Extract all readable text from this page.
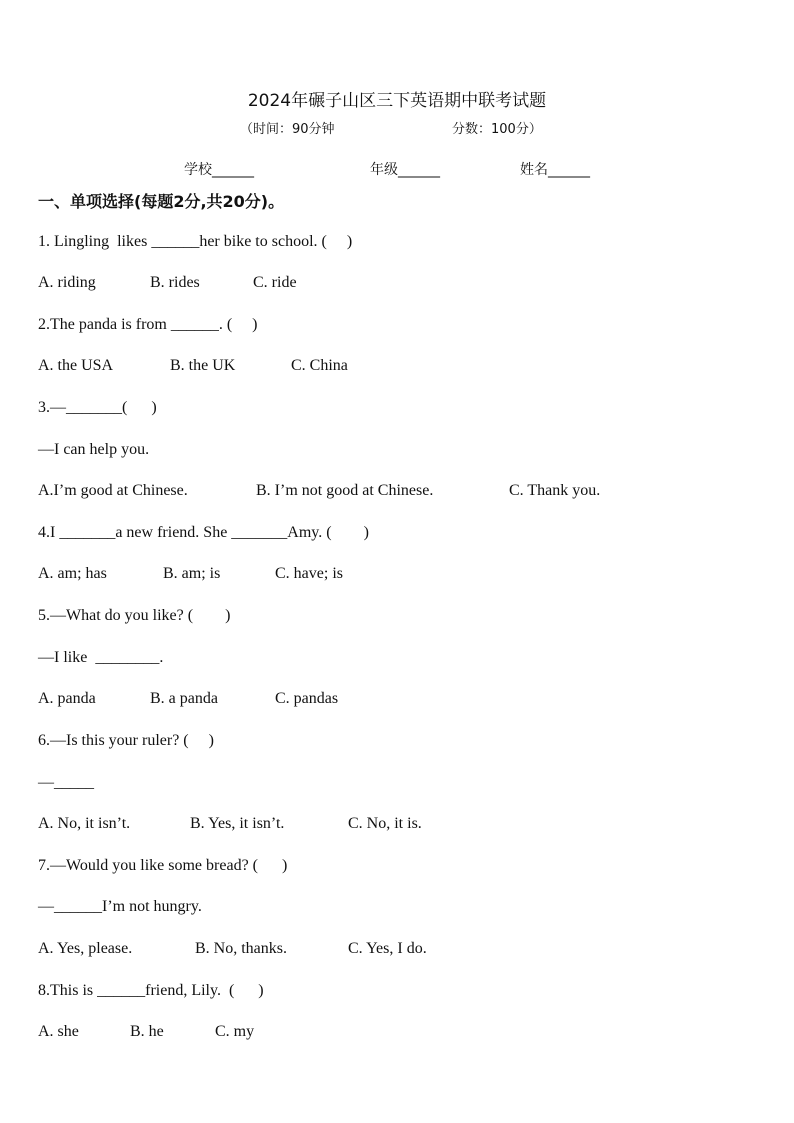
2024年碾子山区三下英语期中联考试题
（时间：90分钟	分数：100分）
学校______	年级______	姓名______
一、单项选择(每题2分,共20分)。
1. Lingling  likes ______her bike to school. (     )
A. riding	B. rides	C. ride
2.The panda is from ______. (     )
A. the USA	B. the UK	C. China
3.—_______(      )
—I can help you.
A.I’m good at Chinese.	B. I’m not good at Chinese.	C. Thank you.
4.I _______a new friend. She _______Amy. (        )
A. am; has	B. am; is	C. have; is
5.—What do you like? (        )
—I like  ________.
A. panda	B. a panda	C. pandas
6.—Is this your ruler? (     )
—_____
A. No, it isn’t.	B. Yes, it isn’t.	C. No, it is.
7.—Would you like some bread? (      )
—______I’m not hungry.
A. Yes, please.	B. No, thanks.	C. Yes, I do.
8.This is ______friend, Lily.  (      )
A. she	B. he	C. my
